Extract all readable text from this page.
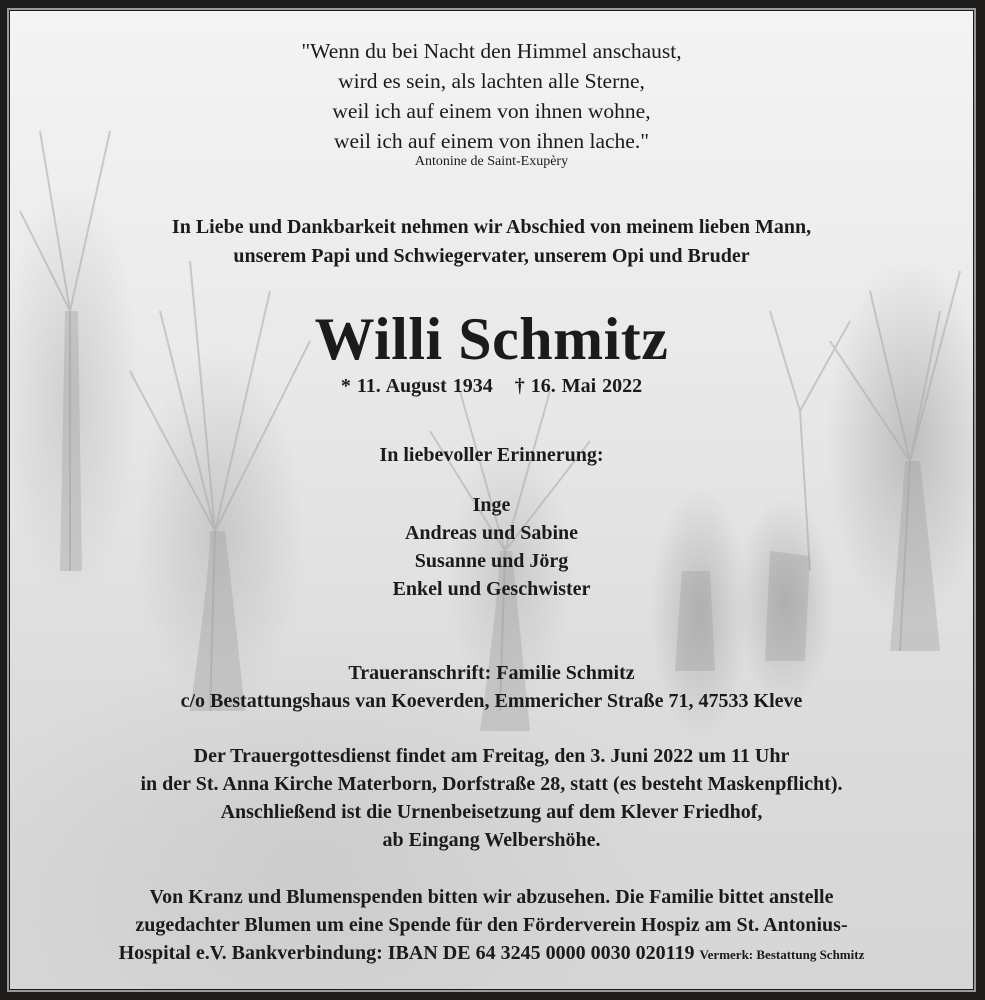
"Wenn du bei Nacht den Himmel anschaust,
wird es sein, als lachten alle Sterne,
weil ich auf einem von ihnen wohne,
weil ich auf einem von ihnen lache."
Antonine de Saint-Exupèry
In Liebe und Dankbarkeit nehmen wir Abschied von meinem lieben Mann,
unserem Papi und Schwiegervater, unserem Opi und Bruder
Willi Schmitz
* 11. August 1934 † 16. Mai 2022
In liebevoller Erinnerung:
Inge
Andreas und Sabine
Susanne und Jörg
Enkel und Geschwister
Traueranschrift: Familie Schmitz
c/o Bestattungshaus van Koeverden, Emmericher Straße 71, 47533 Kleve
Der Trauergottesdienst findet am Freitag, den 3. Juni 2022 um 11 Uhr
in der St. Anna Kirche Materborn, Dorfstraße 28, statt (es besteht Maskenpflicht).
Anschließend ist die Urnenbeisetzung auf dem Klever Friedhof,
ab Eingang Welbershöhe.
Von Kranz und Blumenspenden bitten wir abzusehen. Die Familie bittet anstelle
zugedachter Blumen um eine Spende für den Förderverein Hospiz am St. Antonius-
Hospital e.V. Bankverbindung: IBAN DE 64 3245 0000 0030 020119 Vermerk: Bestattung Schmitz
